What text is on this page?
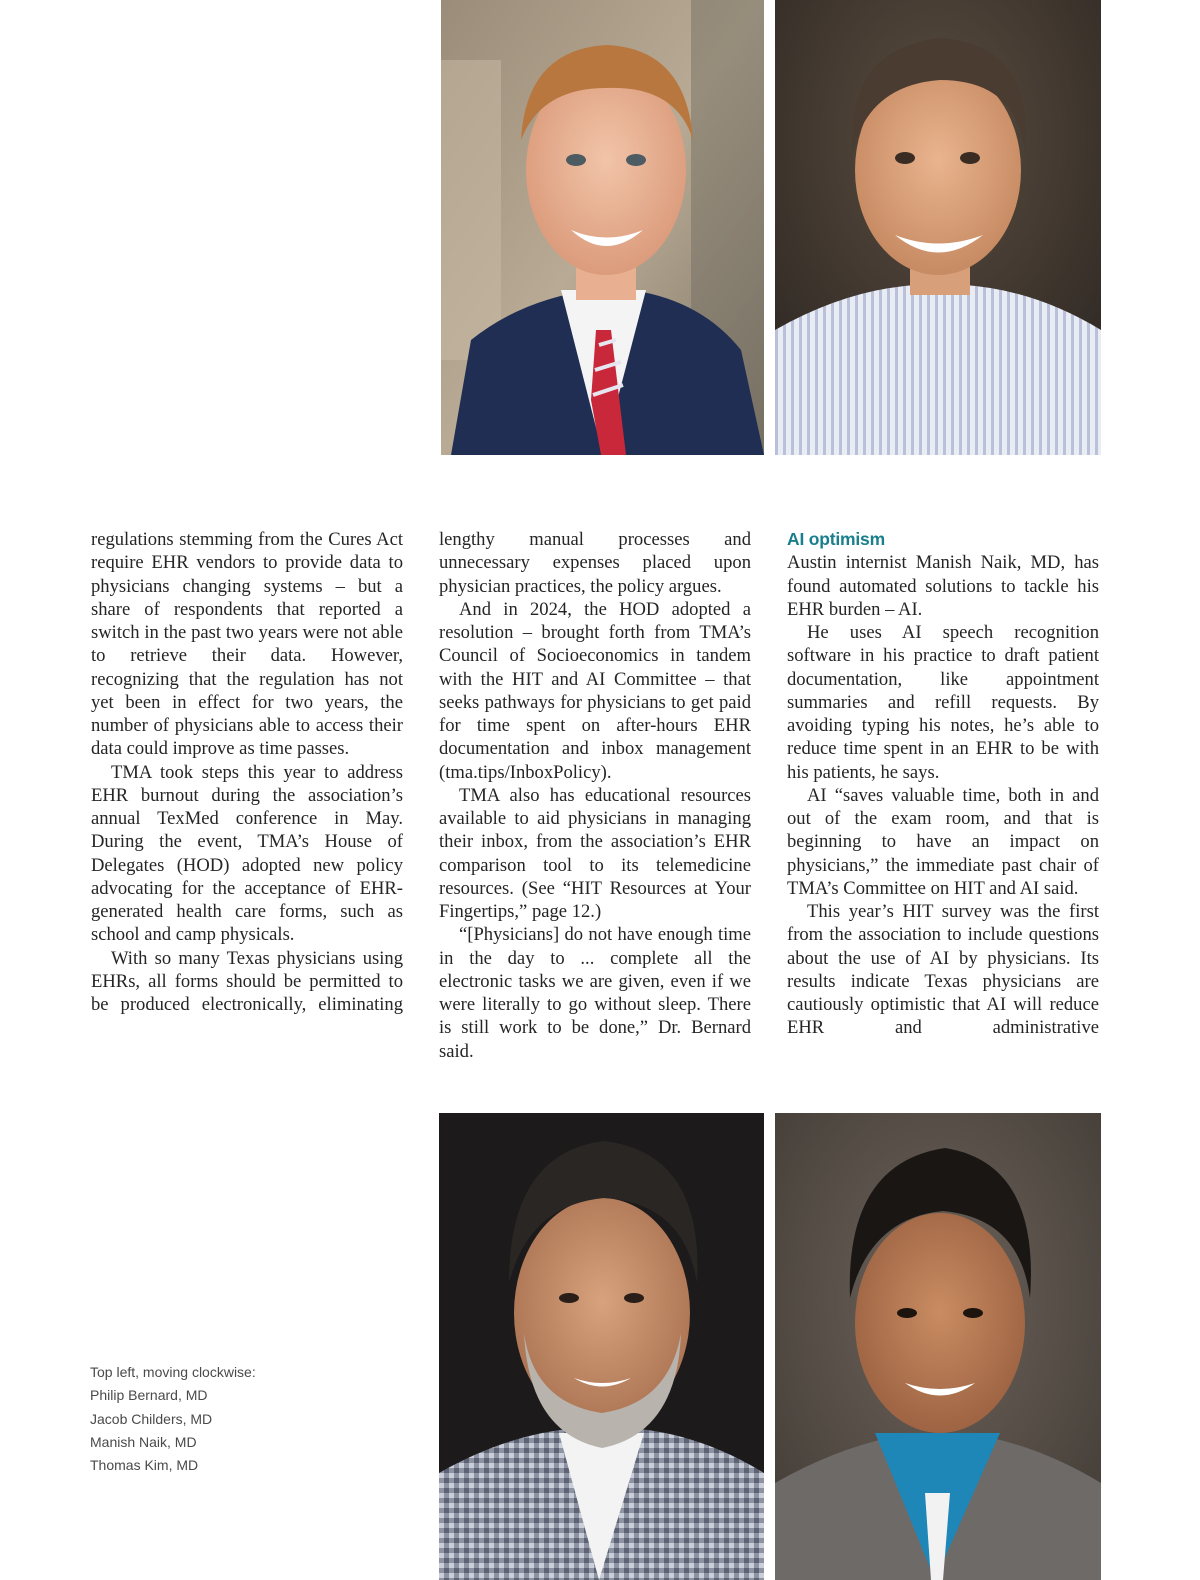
regulations stemming from the Cures Act require EHR vendors to provide data to physicians changing systems – but a share of respondents that reported a switch in the past two years were not able to retrieve their data. However, recognizing that the regulation has not yet been in effect for two years, the number of physicians able to access their data could improve as time passes.

TMA took steps this year to address EHR burnout during the association’s annual TexMed conference in May. During the event, TMA’s House of Delegates (HOD) adopted new policy advocating for the acceptance of EHR-generated health care forms, such as school and camp physicals.

With so many Texas physicians using EHRs, all forms should be permitted to be produced electronically, eliminating

lengthy manual processes and unnecessary expenses placed upon physician practices, the policy argues.

And in 2024, the HOD adopted a resolution – brought forth from TMA’s Council of Socioeconomics in tandem with the HIT and AI Committee – that seeks pathways for physicians to get paid for time spent on after-hours EHR documentation and inbox management (tma.tips/InboxPolicy).

TMA also has educational resources available to aid physicians in managing their inbox, from the association’s EHR comparison tool to its telemedicine resources. (See “HIT Resources at Your Fingertips,” page 12.)

“[Physicians] do not have enough time in the day to ... complete all the electronic tasks we are given, even if we were literally to go without sleep. There is still work to be done,” Dr. Bernard said.

AI optimism

Austin internist Manish Naik, MD, has found automated solutions to tackle his EHR burden – AI.

He uses AI speech recognition software in his practice to draft patient documentation, like appointment summaries and refill requests. By avoiding typing his notes, he’s able to reduce time spent in an EHR to be with his patients, he says.

AI “saves valuable time, both in and out of the exam room, and that is beginning to have an impact on physicians,” the immediate past chair of TMA’s Committee on HIT and AI said.

This year’s HIT survey was the first from the association to include questions about the use of AI by physicians. Its results indicate Texas physicians are cautiously optimistic that AI will reduce EHR and administrative

Top left, moving clockwise:
Philip Bernard, MD
Jacob Childers, MD
Manish Naik, MD
Thomas Kim, MD
